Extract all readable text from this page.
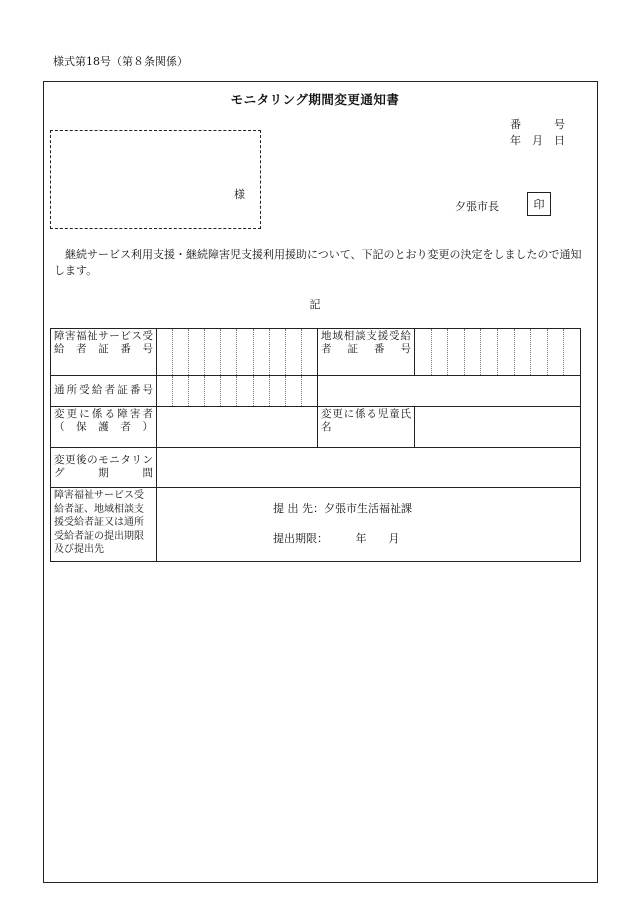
様式第18号（第８条関係）
モニタリング期間変更通知書
番　　　号
年　月　日
様
夕張市長	印
継続サービス利用支援・継続障害児支援利用援助について、下記のとおり変更の決定をしましたので通知します。
記
障害福祉サービス受給者証番号		地域相談支援受給者証番号	

通所受給者証番号		

変更に係る障害者（保護者）		変更に係る児童氏名	
変更後のモニタリング期間			
障害福祉サービス受給者証、地域相談支援受給者証又は通所受給者証の提出期限及び提出先	提 出 先：夕張市生活福祉課
提出期限：　　　年　　月		
